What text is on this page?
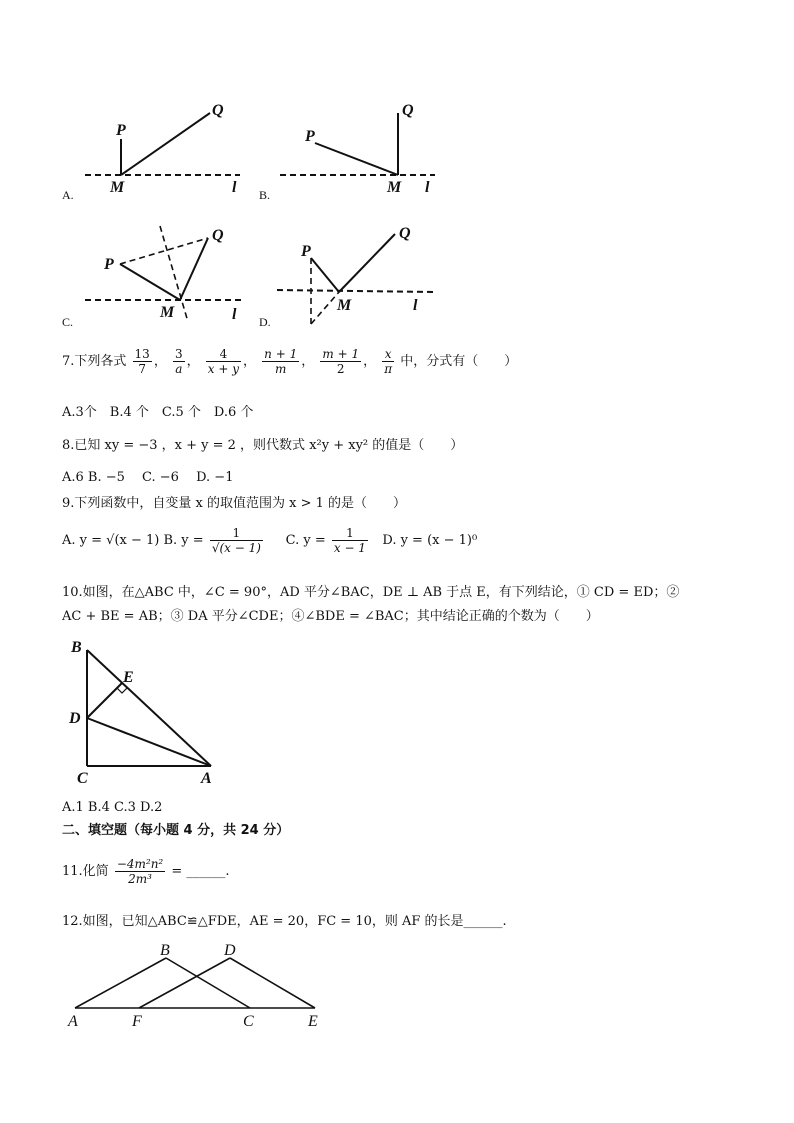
A.
P
Q
M	l B.
P
Q
M l
C.
P
Q
M	l D.
P
Q
M	l
7.下列各式 $\frac{13}{7}$ ， $\frac{3}{a}$ ， $\frac{4}{x + y}$ ， $\frac{n + 1}{m}$ ， $\frac{m + 1}{2}$ ， $\frac{x}{\pi}$ 中，分式有（　　）
A.3个　B.4 个　C.5 个　D.6 个
8.已知 xy = −3 ，x + y = 2 ，则代数式 x²y + xy² 的值是（　　）
A.6 B. −5　 C. −6　 D. −1
9.下列函数中，自变量 x 的取值范围为 x > 1 的是（　　）
A. y = √(x − 1) B. $y = \frac{1}{√(x - 1)} C$. $y = \frac{1}{x - 1} D$. y = (x − 1)⁰
10.如图，在△ABC 中，∠C = 90°，AD 平分∠BAC，DE ⊥ AB 于点 E，有下列结论，① CD = ED；②
AC + BE = AB；③ DA 平分∠CDE；④∠BDE = ∠BAC；其中结论正确的个数为（　　）
B
E
D
C	A
A.1 B.4 C.3 D.2
二、填空题（每小题 4 分，共 24 分）
11.化简 $\frac{\text{−4m²n²}}{\text{2m³}}$ = ______.
12.如图，已知△ABC≌△FDE，AE = 20，FC = 10，则 AF 的长是______.
B	D
A	F	C	E
